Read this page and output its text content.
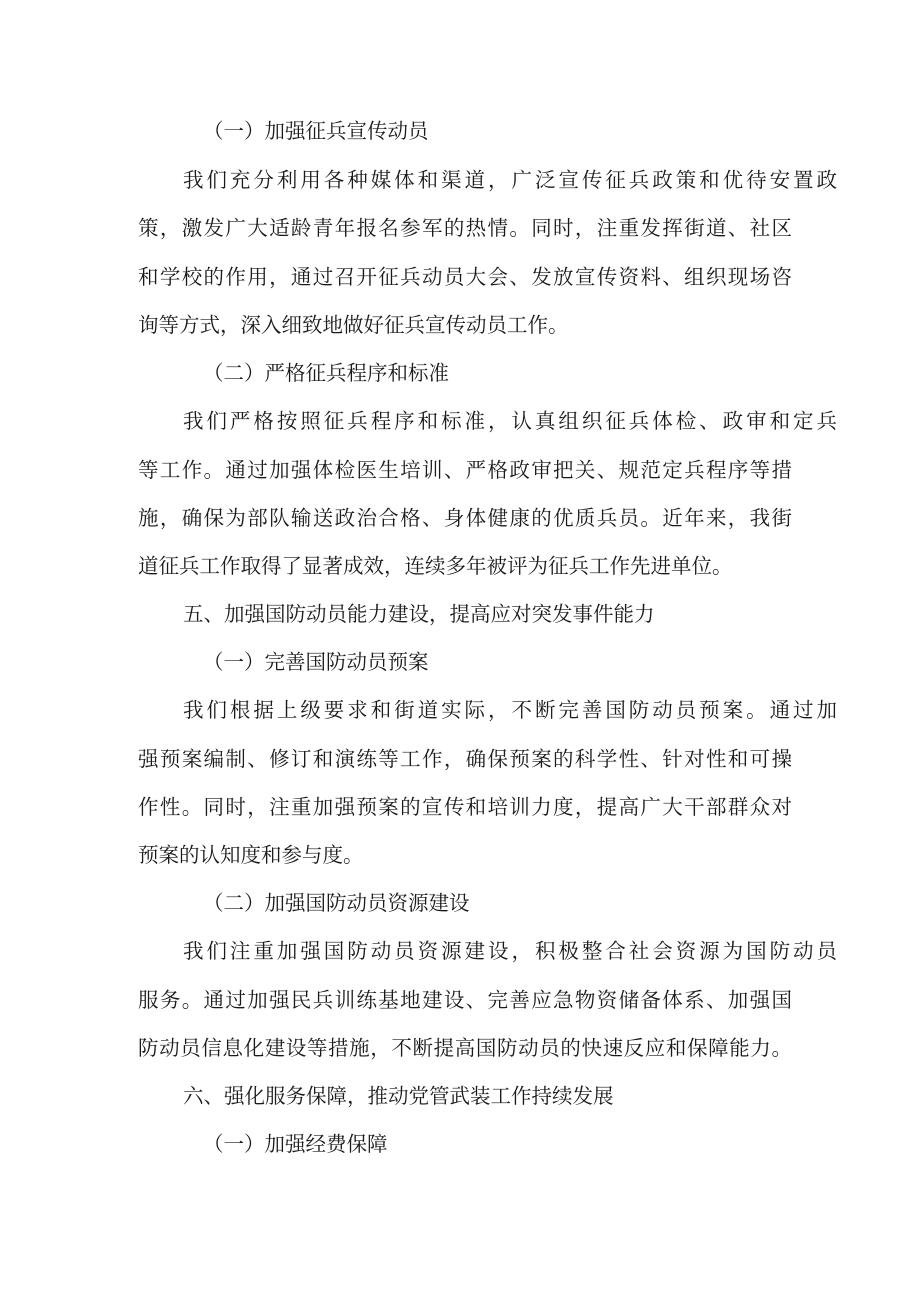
（一）加强征兵宣传动员
我们充分利用各种媒体和渠道，广泛宣传征兵政策和优待安置政
策，激发广大适龄青年报名参军的热情。同时，注重发挥街道、社区
和学校的作用，通过召开征兵动员大会、发放宣传资料、组织现场咨
询等方式，深入细致地做好征兵宣传动员工作。
（二）严格征兵程序和标准
我们严格按照征兵程序和标准，认真组织征兵体检、政审和定兵
等工作。通过加强体检医生培训、严格政审把关、规范定兵程序等措
施，确保为部队输送政治合格、身体健康的优质兵员。近年来，我街
道征兵工作取得了显著成效，连续多年被评为征兵工作先进单位。
五、加强国防动员能力建设，提高应对突发事件能力
（一）完善国防动员预案
我们根据上级要求和街道实际，不断完善国防动员预案。通过加
强预案编制、修订和演练等工作，确保预案的科学性、针对性和可操
作性。同时，注重加强预案的宣传和培训力度，提高广大干部群众对
预案的认知度和参与度。
（二）加强国防动员资源建设
我们注重加强国防动员资源建设，积极整合社会资源为国防动员
服务。通过加强民兵训练基地建设、完善应急物资储备体系、加强国
防动员信息化建设等措施，不断提高国防动员的快速反应和保障能力。
六、强化服务保障，推动党管武装工作持续发展
（一）加强经费保障
